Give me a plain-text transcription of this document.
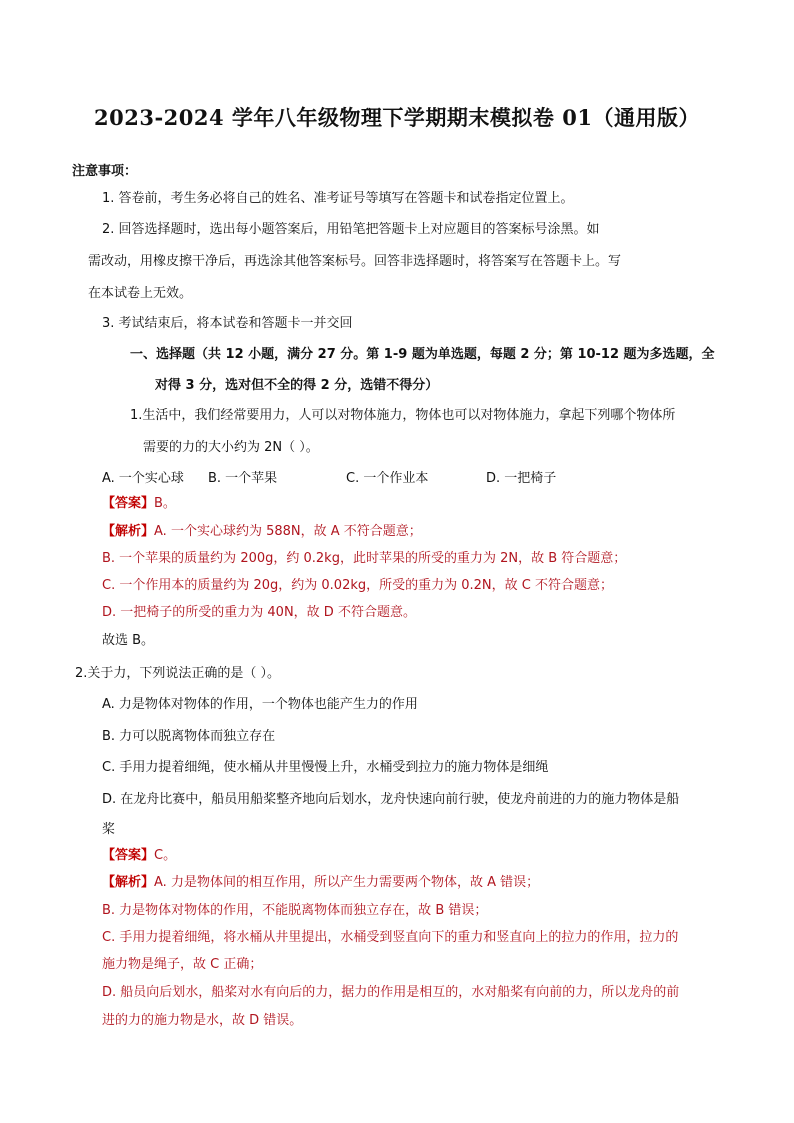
2023-2024 学年八年级物理下学期期末模拟卷 01（通用版）
注意事项：
1. 答卷前，考生务必将自己的姓名、准考证号等填写在答题卡和试卷指定位置上。
2. 回答选择题时，选出每小题答案后，用铅笔把答题卡上对应题目的答案标号涂黑。如
需改动，用橡皮擦干净后，再选涂其他答案标号。回答非选择题时，将答案写在答题卡上。写
在本试卷上无效。
3. 考试结束后，将本试卷和答题卡一并交回
一、选择题（共 12 小题，满分 27 分。第 1-9 题为单选题，每题 2 分；第 10-12 题为多选题，全
对得 3 分，选对但不全的得 2 分，选错不得分）
1.生活中，我们经常要用力，人可以对物体施力，物体也可以对物体施力，拿起下列哪个物体所
需要的力的大小约为 2N（ ）。
A. 一个实心球 B. 一个苹果	C. 一个作业本	D. 一把椅子
【答案】B。
【解析】A. 一个实心球约为 588N，故 A 不符合题意；
B. 一个苹果的质量约为 200g，约 0.2kg，此时苹果的所受的重力为 2N，故 B 符合题意；
C. 一个作用本的质量约为 20g，约为 0.02kg，所受的重力为 0.2N，故 C 不符合题意；
D. 一把椅子的所受的重力为 40N，故 D 不符合题意。
故选 B。
2.关于力，下列说法正确的是（ ）。
A. 力是物体对物体的作用，一个物体也能产生力的作用
B. 力可以脱离物体而独立存在
C. 手用力提着细绳，使水桶从井里慢慢上升，水桶受到拉力的施力物体是细绳
D. 在龙舟比赛中，船员用船桨整齐地向后划水，龙舟快速向前行驶，使龙舟前进的力的施力物体是船
桨
【答案】C。
【解析】A. 力是物体间的相互作用，所以产生力需要两个物体，故 A 错误；
B. 力是物体对物体的作用，不能脱离物体而独立存在，故 B 错误；
C. 手用力提着细绳，将水桶从井里提出，水桶受到竖直向下的重力和竖直向上的拉力的作用，拉力的
施力物是绳子，故 C 正确；
D. 船员向后划水，船桨对水有向后的力，据力的作用是相互的，水对船桨有向前的力，所以龙舟的前
进的力的施力物是水，故 D 错误。
